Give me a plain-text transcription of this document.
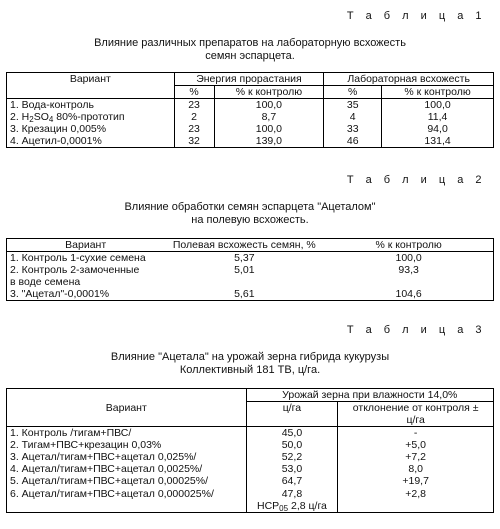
Т а б л и ц а 1
Влияние различных препаратов на лабораторную всхожесть
семян эспарцета.
Вариант	Энергия прорастания		Лабораторная всхожесть	
	%	% к контролю	%	% к контролю
1. Вода-контроль	23	100,0	35	100,0
2. $H_2SO_4$ 80%-прототип	2	8,7	4	11,4
3. Крезацин 0,005%	23	100,0	33	94,0
4. Ацетил-0,0001%	32	139,0	46	131,4
Т а б л и ц а 2
Влияние обработки семян эспарцета "Ацеталом"
на полевую всхожесть.
Вариант	Полевая всхожесть семян, %	% к контролю
1. Контроль 1-сухие семена	5,37	100,0
2. Контроль 2-замоченные	5,01	93,3
в воде семена		
3. "Ацетал"-0,0001%	5,61	104,6
Т а б л и ц а 3
Влияние "Ацетала" на урожай зерна гибрида кукурузы
Коллективный 181 ТВ, ц/га.
Вариант	Урожай зерна при влажности 14,0%	
	ц/га	отклонение от контроля ±
ц/га

1. Контроль /тигам+ПВС/	45,0	-
2. Тигам+ПВС+крезацин 0,03%	50,0	+5,0
3. Ацетал/тигам+ПВС+ацетал 0,025%/	52,2	+7,2
4. Ацетал/тигам+ПВС+ацетал 0,0025%/	53,0	8,0
5. Ацетал/тигам+ПВС+ацетал 0,00025%/	64,7	+19,7
6. Ацетал/тигам+ПВС+ацетал 0,000025%/	47,8	+2,8
	$НСР_{05}$ 2,8 ц/га	
